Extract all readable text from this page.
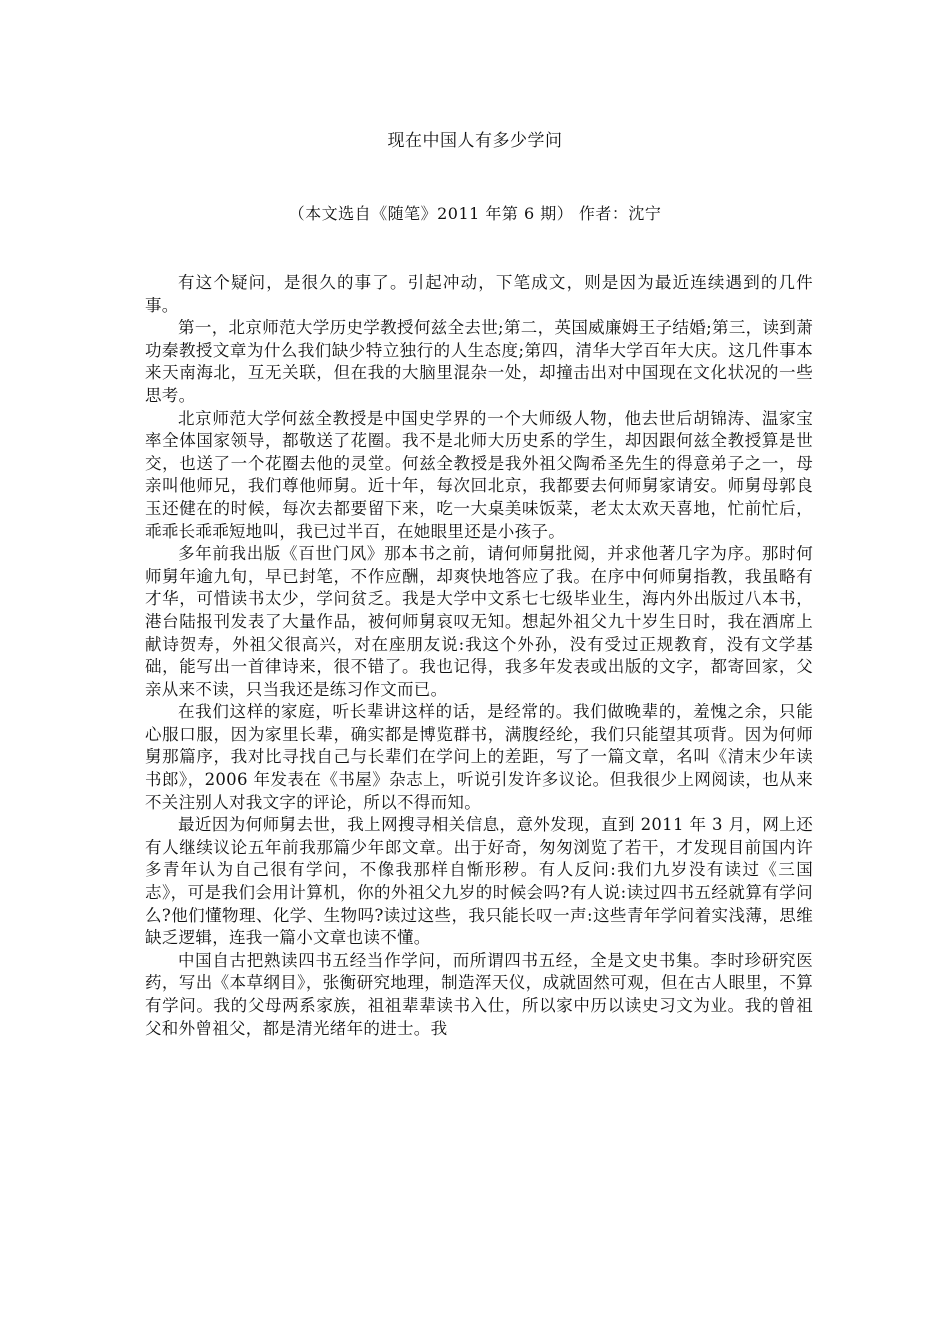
现在中国人有多少学问
（本文选自《随笔》2011 年第 6 期） 作者：沈宁

有这个疑问，是很久的事了。引起冲动，下笔成文，则是因为最近连续遇到的几件事。

第一，北京师范大学历史学教授何兹全去世;第二，英国威廉姆王子结婚;第三，读到萧功秦教授文章为什么我们缺少特立独行的人生态度;第四，清华大学百年大庆。这几件事本来天南海北，互无关联，但在我的大脑里混杂一处，却撞击出对中国现在文化状况的一些思考。

北京师范大学何兹全教授是中国史学界的一个大师级人物，他去世后胡锦涛、温家宝率全体国家领导，都敬送了花圈。我不是北师大历史系的学生，却因跟何兹全教授算是世交，也送了一个花圈去他的灵堂。何兹全教授是我外祖父陶希圣先生的得意弟子之一，母亲叫他师兄，我们尊他师舅。近十年，每次回北京，我都要去何师舅家请安。师舅母郭良玉还健在的时候，每次去都要留下来，吃一大桌美味饭菜，老太太欢天喜地，忙前忙后，乖乖长乖乖短地叫，我已过半百，在她眼里还是小孩子。

多年前我出版《百世门风》那本书之前，请何师舅批阅，并求他著几字为序。那时何师舅年逾九旬，早已封笔，不作应酬，却爽快地答应了我。在序中何师舅指教，我虽略有才华，可惜读书太少，学问贫乏。我是大学中文系七七级毕业生，海内外出版过八本书，港台陆报刊发表了大量作品，被何师舅哀叹无知。想起外祖父九十岁生日时，我在酒席上献诗贺寿，外祖父很高兴，对在座朋友说:我这个外孙，没有受过正规教育，没有文学基础，能写出一首律诗来，很不错了。我也记得，我多年发表或出版的文字，都寄回家，父亲从来不读，只当我还是练习作文而已。

在我们这样的家庭，听长辈讲这样的话，是经常的。我们做晚辈的，羞愧之余，只能心服口服，因为家里长辈，确实都是博览群书，满腹经纶，我们只能望其项背。因为何师舅那篇序，我对比寻找自己与长辈们在学问上的差距，写了一篇文章，名叫《清末少年读书郎》，2006 年发表在《书屋》杂志上，听说引发许多议论。但我很少上网阅读，也从来不关注别人对我文字的评论，所以不得而知。

最近因为何师舅去世，我上网搜寻相关信息，意外发现，直到 2011 年 3 月，网上还有人继续议论五年前我那篇少年郎文章。出于好奇，匆匆浏览了若干，才发现目前国内许多青年认为自己很有学问，不像我那样自惭形秽。有人反问:我们九岁没有读过《三国志》，可是我们会用计算机，你的外祖父九岁的时候会吗?有人说:读过四书五经就算有学问么?他们懂物理、化学、生物吗?读过这些，我只能长叹一声:这些青年学问着实浅薄，思维缺乏逻辑，连我一篇小文章也读不懂。

中国自古把熟读四书五经当作学问，而所谓四书五经，全是文史书集。李时珍研究医药，写出《本草纲目》，张衡研究地理，制造浑天仪，成就固然可观，但在古人眼里，不算有学问。我的父母两系家族，祖祖辈辈读书入仕，所以家中历以读史习文为业。我的曾祖父和外曾祖父，都是清光绪年的进士。我
